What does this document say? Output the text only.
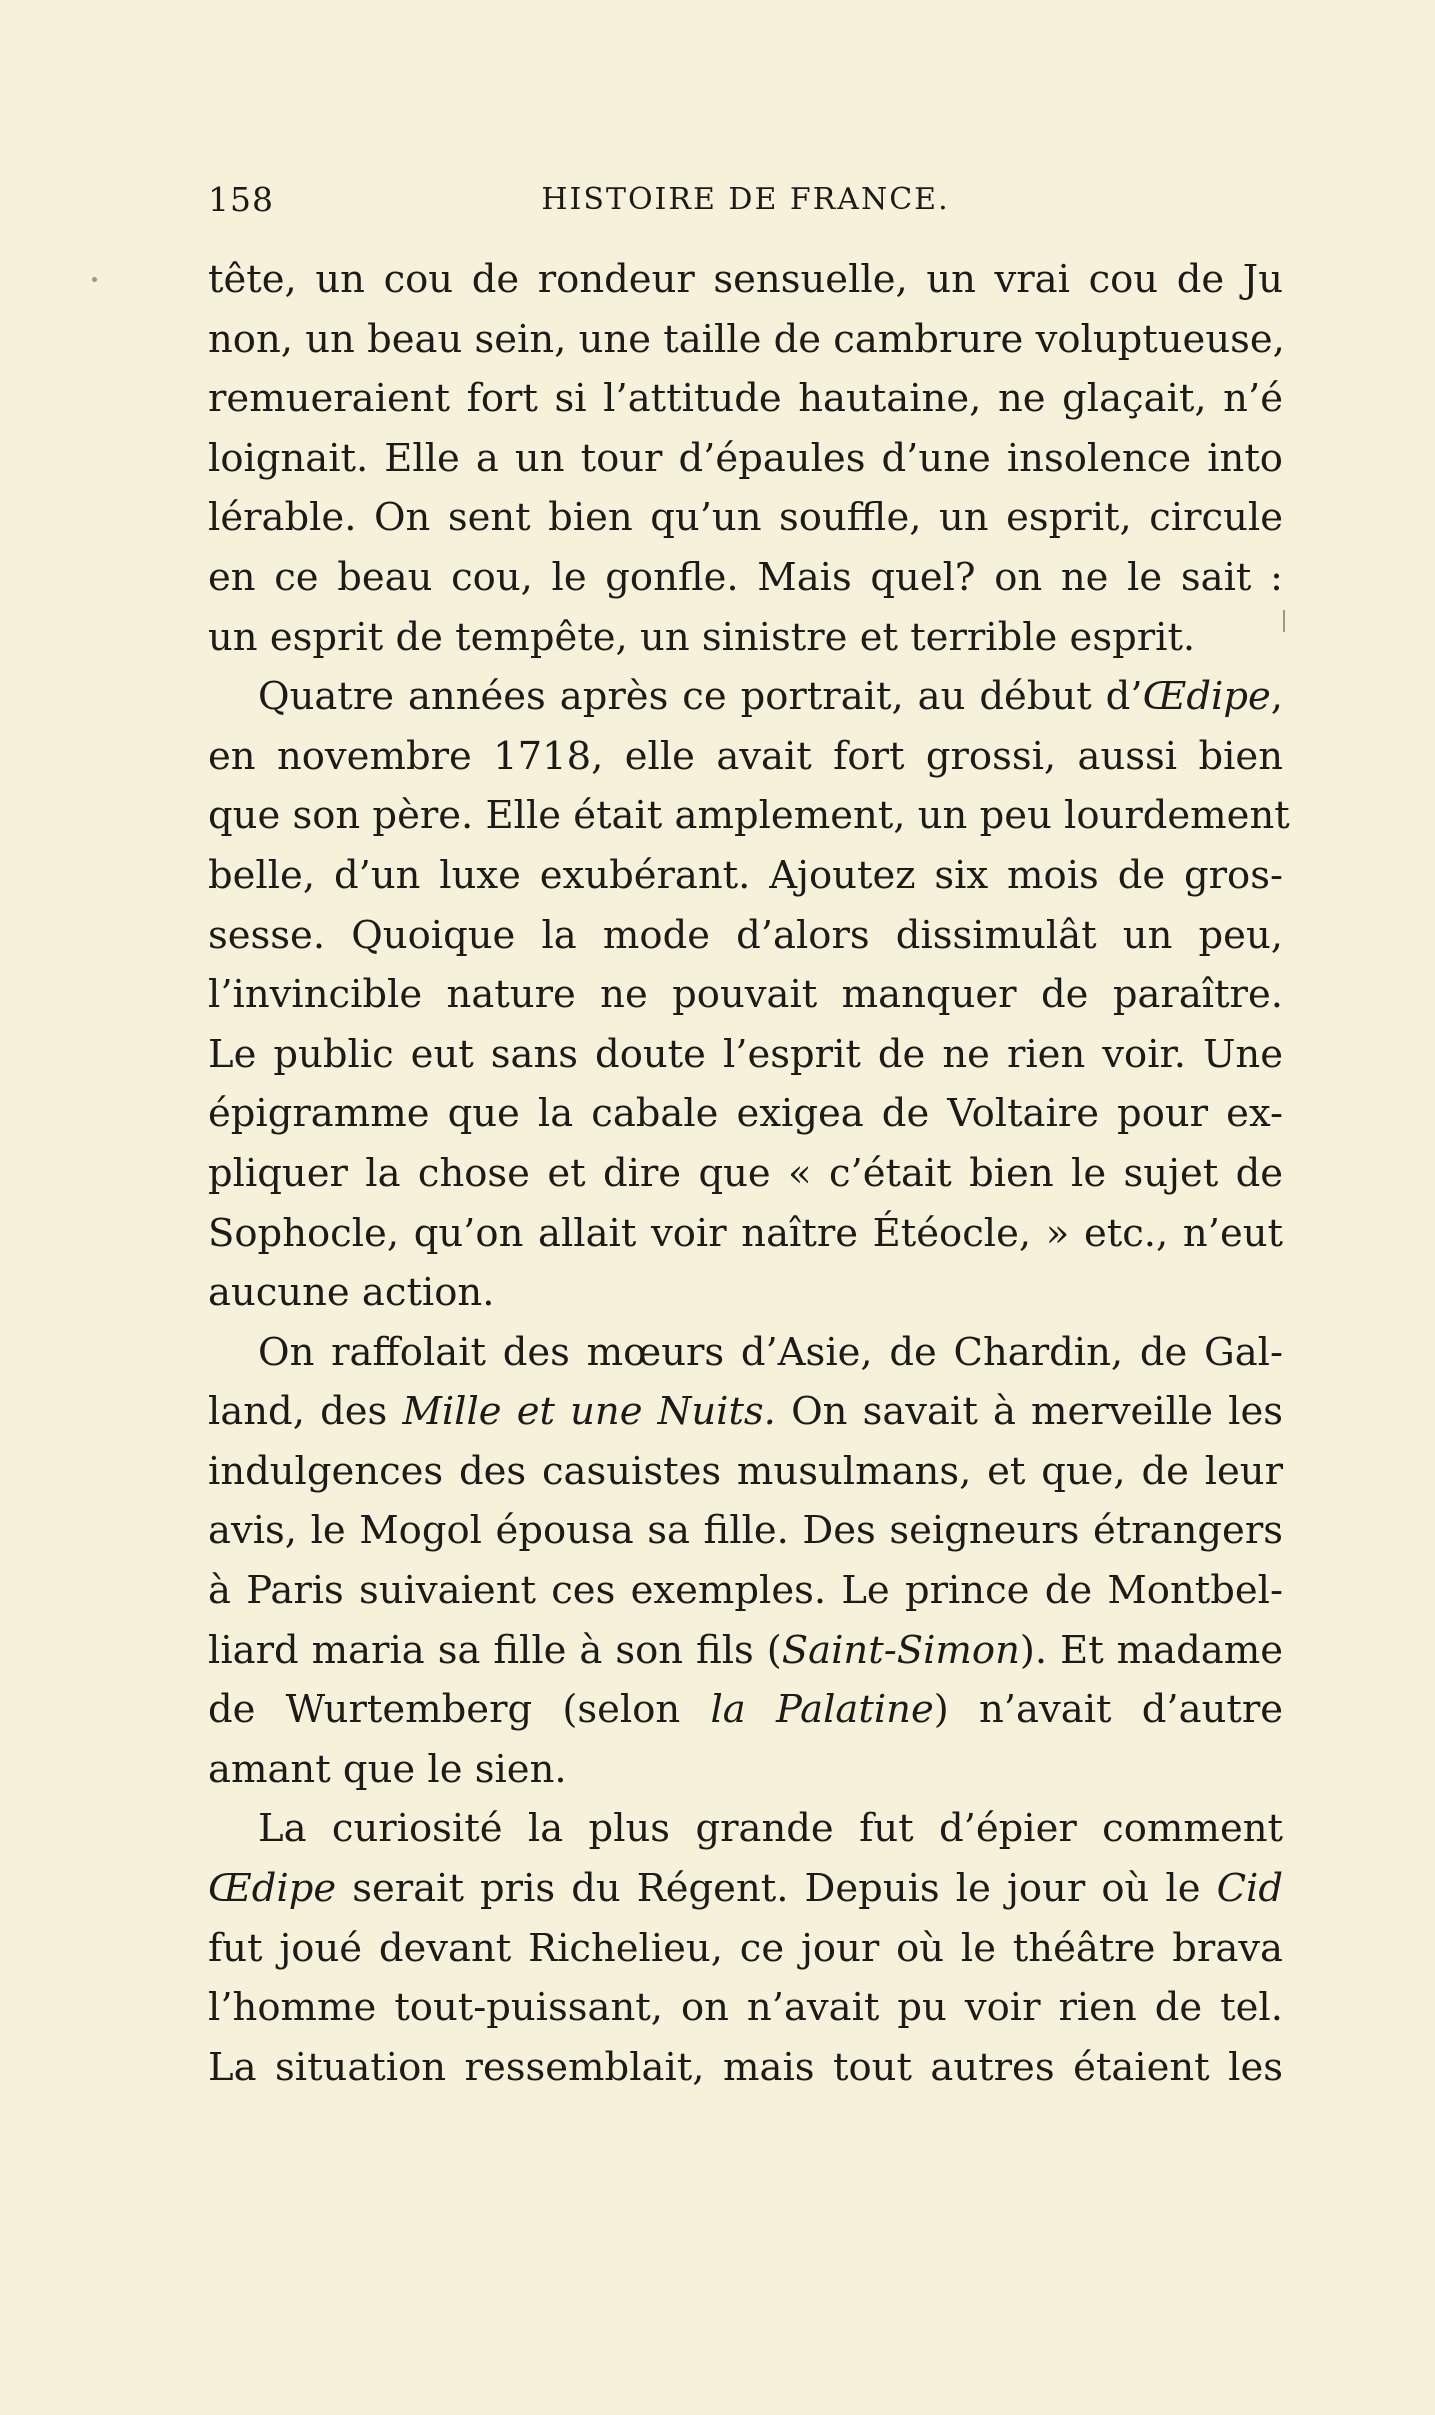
158	HISTOIRE DE FRANCE.
tête, un cou de rondeur sensuelle, un vrai cou de Ju
non, un beau sein, une taille de cambrure voluptueuse,
remueraient fort si l’attitude hautaine, ne glaçait, n’é
loignait. Elle a un tour d’épaules d’une insolence into
lérable. On sent bien qu’un souffle, un esprit, circule
en ce beau cou, le gonfle. Mais quel? on ne le sait :
un esprit de tempête, un sinistre et terrible esprit.
Quatre années après ce portrait, au début d’Œdipe,
en novembre 1718, elle avait fort grossi, aussi bien
que son père. Elle était amplement, un peu lourdement
belle, d’un luxe exubérant. Ajoutez six mois de gros-
sesse. Quoique la mode d’alors dissimulât un peu,
l’invincible nature ne pouvait manquer de paraître.
Le public eut sans doute l’esprit de ne rien voir. Une
épigramme que la cabale exigea de Voltaire pour ex-
pliquer la chose et dire que « c’était bien le sujet de
Sophocle, qu’on allait voir naître Étéocle, » etc., n’eut
aucune action.
On raffolait des mœurs d’Asie, de Chardin, de Gal-
land, des Mille et une Nuits. On savait à merveille les
indulgences des casuistes musulmans, et que, de leur
avis, le Mogol épousa sa fille. Des seigneurs étrangers
à Paris suivaient ces exemples. Le prince de Montbel-
liard maria sa fille à son fils (Saint-Simon). Et madame
de Wurtemberg (selon la Palatine) n’avait d’autre
amant que le sien.
La curiosité la plus grande fut d’épier comment
Œdipe serait pris du Régent. Depuis le jour où le Cid
fut joué devant Richelieu, ce jour où le théâtre brava
l’homme tout-puissant, on n’avait pu voir rien de tel.
La situation ressemblait, mais tout autres étaient les
